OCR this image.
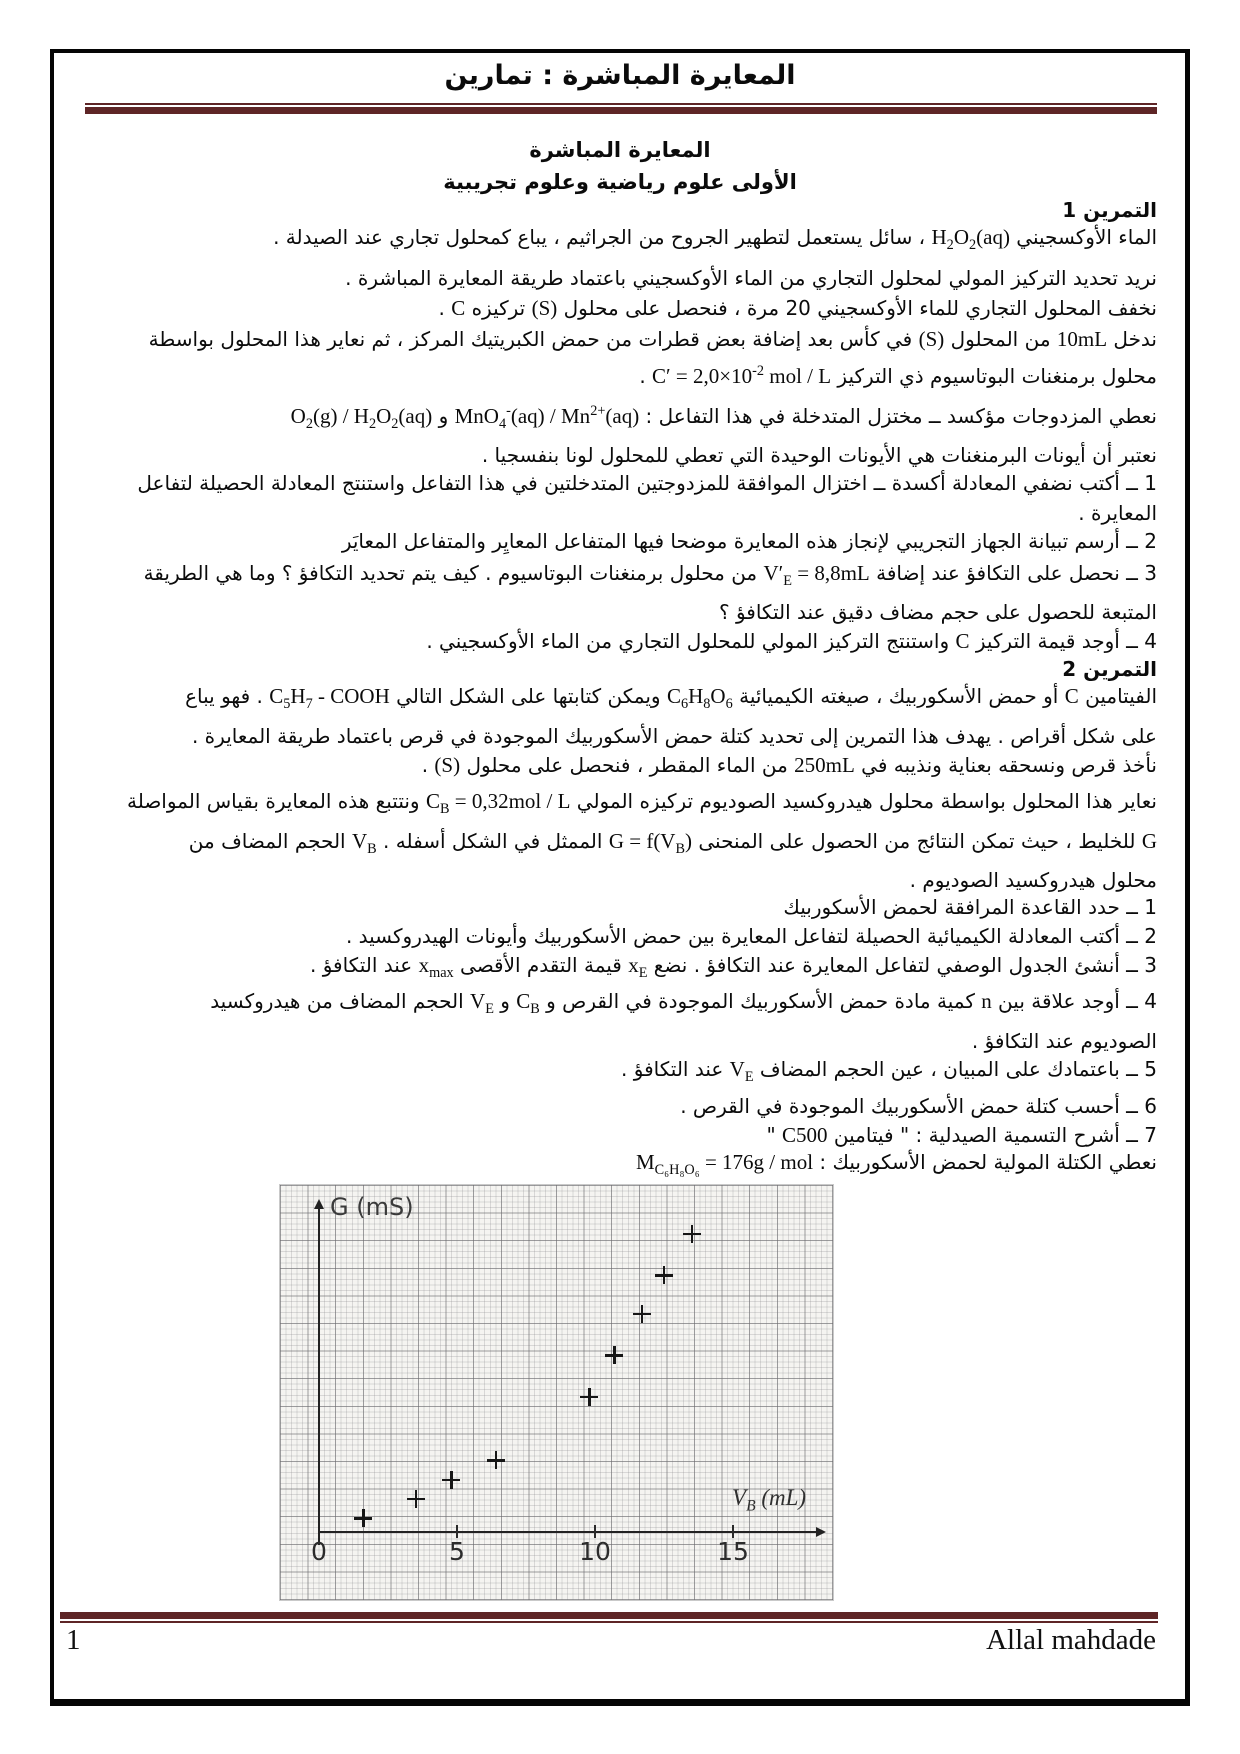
المعايرة المباشرة : تمارين
المعايرة المباشرة
الأولى علوم رياضية وعلوم تجريبية
التمرين 1
الماء الأوكسجيني $H_2O_2(aq)$ ، سائل يستعمل لتطهير الجروح من الجراثيم ، يباع كمحلول تجاري عند الصيدلة .
نريد تحديد التركيز المولي لمحلول التجاري من الماء الأوكسجيني باعتماد طريقة المعايرة المباشرة .
نخفف المحلول التجاري للماء الأوكسجيني 20 مرة ، فنحصل على محلول (S) تركيزه C .
ندخل 10mL من المحلول (S) في كأس بعد إضافة بعض قطرات من حمض الكبريتيك المركز ، ثم نعاير هذا المحلول بواسطة
محلول برمنغنات البوتاسيوم ذي التركيز $C' = 2,0\times 10^{-2}$ mol / L .
نعطي المزدوجات مؤكسد ــ مختزل المتدخلة في هذا التفاعل : $MnO_4^-(aq) / Mn^{2+}(aq)$ و $O_2(g) / H_2O_2(aq)$
نعتبر أن أيونات البرمنغنات هي الأيونات الوحيدة التي تعطي للمحلول لونا بنفسجيا .
1 ــ أكتب نضفي المعادلة أكسدة ــ اختزال الموافقة للمزدوجتين المتدخلتين في هذا التفاعل واستنتج المعادلة الحصيلة لتفاعل
المعايرة .
2 ــ أرسم تبيانة الجهاز التجريبي لإنجاز هذه المعايرة موضحا فيها المتفاعل المعايِر والمتفاعل المعايَر
3 ــ نحصل على التكافؤ عند إضافة $V'_E = 8,8mL$ من محلول برمنغنات البوتاسيوم . كيف يتم تحديد التكافؤ ؟ وما هي الطريقة
المتبعة للحصول على حجم مضاف دقيق عند التكافؤ ؟
4 ــ أوجد قيمة التركيز C واستنتج التركيز المولي للمحلول التجاري من الماء الأوكسجيني .
التمرين 2
الفيتامين C أو حمض الأسكوربيك ، صيغته الكيميائية $C_6H_8O_6$ ويمكن كتابتها على الشكل التالي $C_5H_7$ - COOH . فهو يباع
على شكل أقراص . يهدف هذا التمرين إلى تحديد كتلة حمض الأسكوربيك الموجودة في قرص باعتماد طريقة المعايرة .
نأخذ قرص ونسحقه بعناية ونذيبه في 250mL من الماء المقطر ، فنحصل على محلول (S) .
نعاير هذا المحلول بواسطة محلول هيدروكسيد الصوديوم تركيزه المولي $C_B = 0,32mol / L$ ونتتبع هذه المعايرة بقياس المواصلة
G للخليط ، حيث تمكن النتائج من الحصول على المنحنى $G = f(V_B)$ الممثل في الشكل أسفله . $V_B$ الحجم المضاف من
محلول هيدروكسيد الصوديوم .
1 ــ حدد القاعدة المرافقة لحمض الأسكوربيك
2 ــ أكتب المعادلة الكيميائية الحصيلة لتفاعل المعايرة بين حمض الأسكوربيك وأيونات الهيدروكسيد .
3 ــ أنشئ الجدول الوصفي لتفاعل المعايرة عند التكافؤ . نضع $x_E$ قيمة التقدم الأقصى $x_{max}$ عند التكافؤ .
4 ــ أوجد علاقة بين n كمية مادة حمض الأسكوربيك الموجودة في القرص و $C_B$ و $V_E$ الحجم المضاف من هيدروكسيد
الصوديوم عند التكافؤ .
5 ــ باعتمادك على المبيان ، عين الحجم المضاف $V_E$ عند التكافؤ .
6 ــ أحسب كتلة حمض الأسكوربيك الموجودة في القرص .
7 ــ أشرح التسمية الصيدلية : " فيتامين C500 "
نعطي الكتلة المولية لحمض الأسكوربيك : $M_{C_6H_8O_6} = 176g$ / mol
G (mS)
$V_B$ (mL)
0	5	10	15
1	Allal mahdade
